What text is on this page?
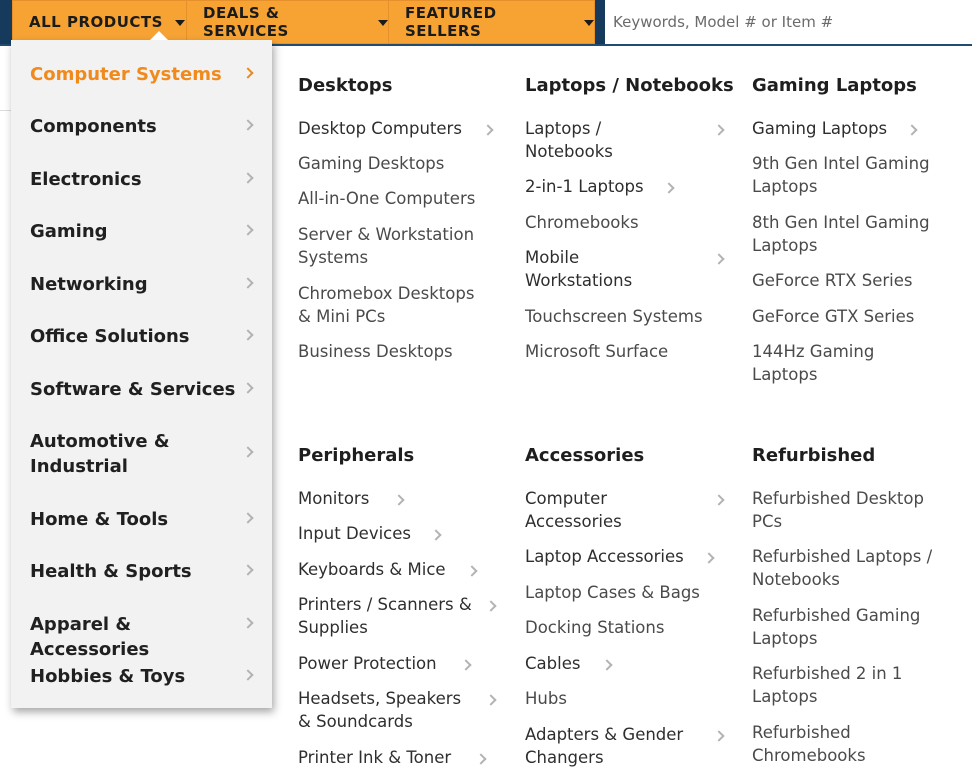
ALL PRODUCTS	DEALS & SERVICES
FEATURED SELLERS
Keywords, Model # or Item #
Computer Systems
Components
Electronics
Gaming
Networking
Office Solutions
Software & Services
Automotive & Industrial
Home & Tools
Health & Sports
Apparel & Accessories
Hobbies & Toys
Desktops
Desktop Computers
Gaming Desktops
All-in-One Computers
Server & Workstation Systems
Chromebox Desktops & Mini PCs
Business Desktops
Laptops / Notebooks
Laptops / Notebooks
2-in-1 Laptops
Chromebooks
Mobile Workstations
Touchscreen Systems
Microsoft Surface
Gaming Laptops
Gaming Laptops
9th Gen Intel Gaming Laptops
8th Gen Intel Gaming Laptops
GeForce RTX Series
GeForce GTX Series
144Hz Gaming Laptops
Peripherals
Monitors
Input Devices
Keyboards & Mice
Printers / Scanners & Supplies
Power Protection
Headsets, Speakers & Soundcards
Printer Ink & Toner
Accessories
Computer Accessories
Laptop Accessories
Laptop Cases & Bags
Docking Stations
Cables
Hubs
Adapters & Gender Changers
Refurbished
Refurbished Desktop PCs
Refurbished Laptops / Notebooks
Refurbished Gaming Laptops
Refurbished 2 in 1 Laptops
Refurbished Chromebooks
